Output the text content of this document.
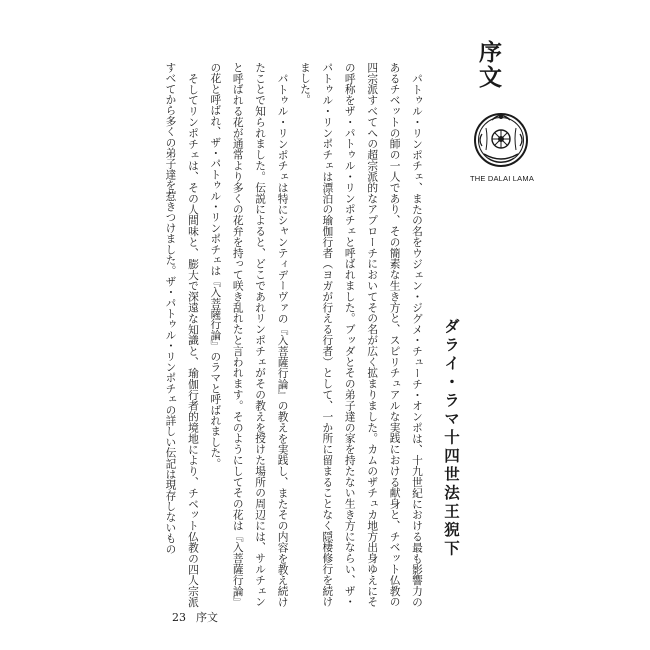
序文
THE DALAI LAMA
ダライ・ラマ十四世法王猊下

パトゥル・リンポチェ、またの名をウジェン・ジグメ・チューチ・オンポは、十九世紀における最も影響力のあるチベットの師の一人であり、その簡素な生き方と、スピリチュアルな実践における献身と、チベット仏教の四宗派すべてへの超宗派的なアプローチにおいてその名が広く拡まりました。カムのザチュカ地方出身ゆえにその呼称をザ・パトゥル・リンポチェと呼ばれました。ブッダとその弟子達の家を持たない生き方にならい、ザ・パトゥル・リンポチェは漂泊の瑜伽行者（ヨガが行える行者）として、一か所に留まることなく隠棲修行を続けました。

パトゥル・リンポチェは特にシャンティデーヴァの『入菩薩行論』の教えを実践し、またその内容を教え続けたことで知られました。伝説によると、どこであれリンポチェがその教えを授けた場所の周辺には、サルチェンと呼ばれる花が通常より多くの花弁を持って咲き乱れたと言われます。そのようにしてその花は『入菩薩行論』の花と呼ばれ、ザ・パトゥル・リンポチェは『入菩薩行論』のラマと呼ばれました。

そしてリンポチェは、その人間味と、膨大で深遠な知識と、瑜伽行者的境地により、チベット仏教の四人宗派すべてから多くの弟子達を惹きつけました。ザ・パトゥル・リンポチェの詳しい伝記は現存しないもの

23 序文
